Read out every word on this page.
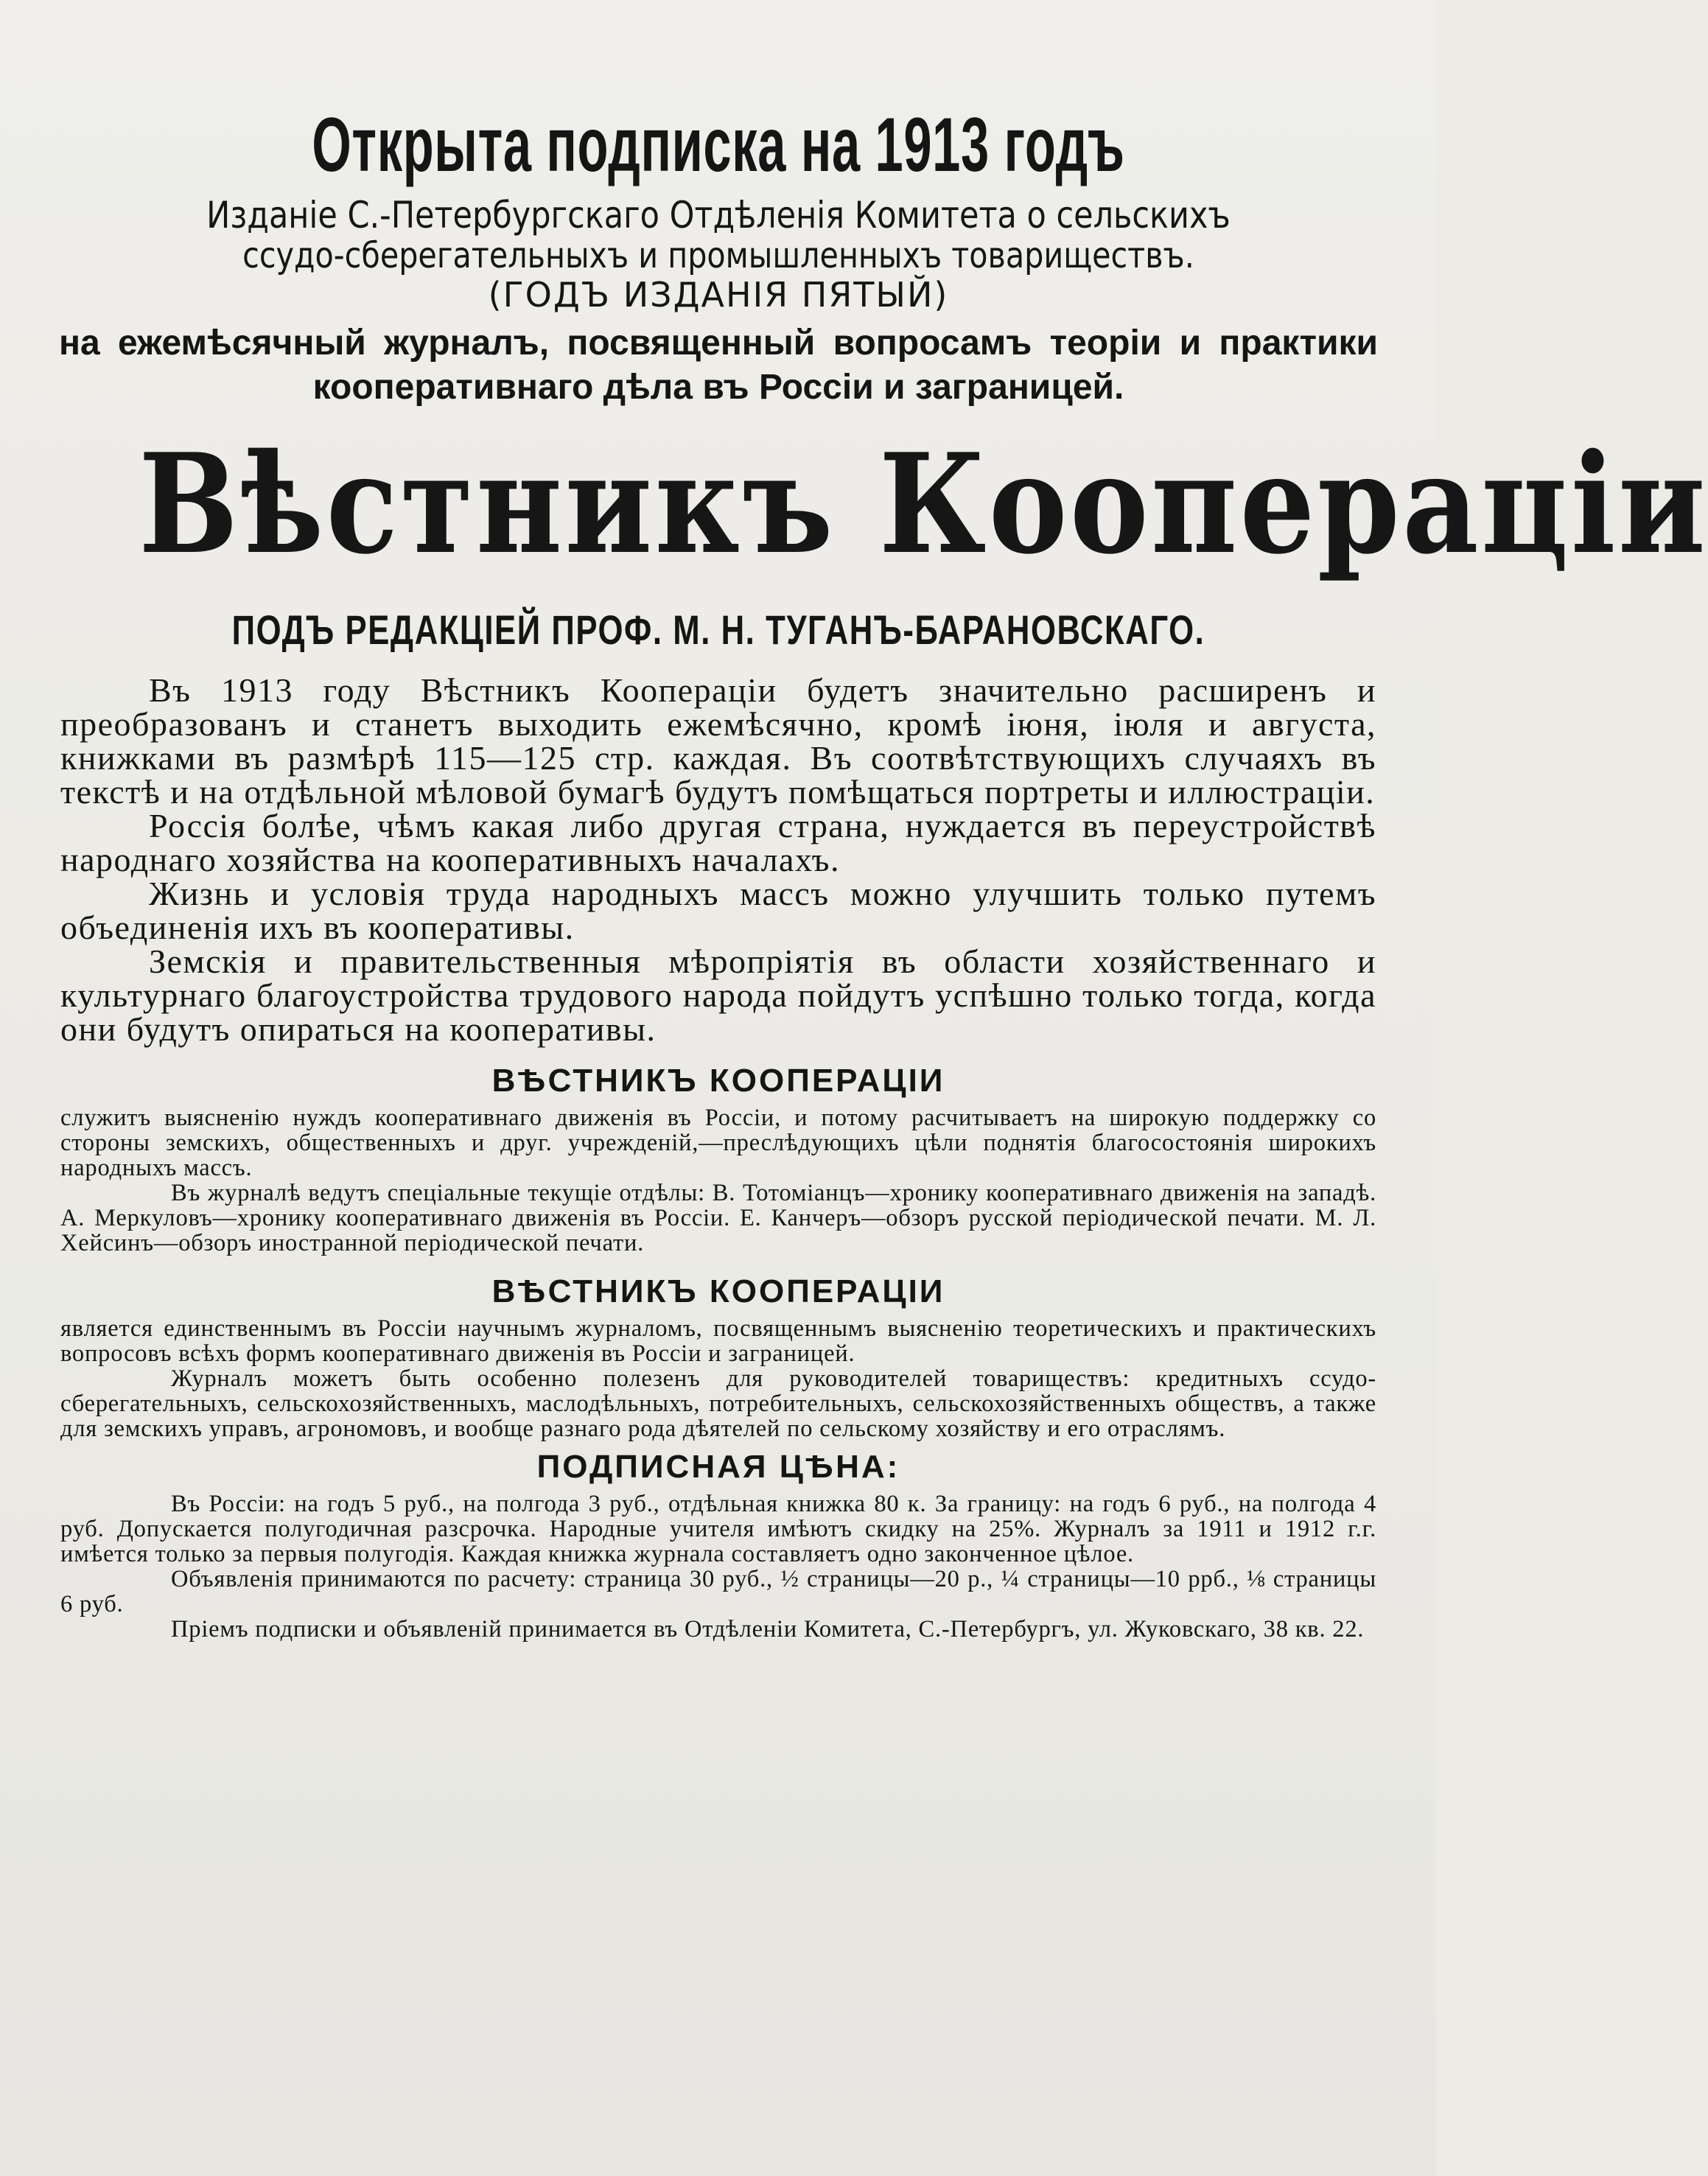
Открыта подписка на 1913 годъ
Изданіе С.-Петербургскаго Отдѣленія Комитета о сельскихъ
ссудо-сберегательныхъ и промышленныхъ товариществъ.
(ГОДЪ ИЗДАНІЯ ПЯТЫЙ)
на ежемѣсячный журналъ, посвященный вопросамъ теоріи и практики кооперативнаго дѣла въ Россіи и заграницей.
Вѣстникъ Коопераціи
ПОДЪ РЕДАКЦІЕЙ ПРОФ. М. Н. ТУГАНЪ-БАРАНОВСКАГО.

Въ 1913 году Вѣстникъ Коопераціи будетъ значительно расширенъ и преобразованъ и станетъ выходить ежемѣсячно, кромѣ іюня, іюля и августа, книжками въ размѣрѣ 115—125 стр. каждая. Въ соотвѣтствующихъ случаяхъ въ текстѣ и на отдѣльной мѣловой бумагѣ будутъ помѣщаться портреты и иллюстраціи.

Россія болѣе, чѣмъ какая либо другая страна, нуждается въ переустройствѣ народнаго хозяйства на кооперативныхъ началахъ.

Жизнь и условія труда народныхъ массъ можно улучшить только путемъ объединенія ихъ въ кооперативы.

Земскія и правительственныя мѣропріятія въ области хозяйственнаго и культурнаго благоустройства трудового народа пойдутъ успѣшно только тогда, когда они будутъ опираться на кооперативы.

ВѢСТНИКЪ КООПЕРАЦІИ

служитъ выясненію нуждъ кооперативнаго движенія въ Россіи, и потому расчитываетъ на широкую поддержку со стороны земскихъ, общественныхъ и друг. учрежденій,—преслѣдующихъ цѣли поднятія благосостоянія широкихъ народныхъ массъ.

Въ журналѣ ведутъ спеціальные текущіе отдѣлы: В. Тотоміанцъ—хронику кооперативнаго движенія на западѣ. А. Меркуловъ—хронику кооперативнаго движенія въ Россіи. Е. Канчеръ—обзоръ русской періодической печати. М. Л. Хейсинъ—обзоръ иностранной періодической печати.

ВѢСТНИКЪ КООПЕРАЦІИ

является единственнымъ въ Россіи научнымъ журналомъ, посвященнымъ выясненію теоретическихъ и практическихъ вопросовъ всѣхъ формъ кооперативнаго движенія въ Россіи и заграницей.

Журналъ можетъ быть особенно полезенъ для руководителей товариществъ: кредитныхъ ссудо-сберегательныхъ, сельскохозяйственныхъ, маслодѣльныхъ, потребительныхъ, сельскохозяйственныхъ обществъ, а также для земскихъ управъ, агрономовъ, и вообще разнаго рода дѣятелей по сельскому хозяйству и его отраслямъ.

ПОДПИСНАЯ ЦѢНА:

Въ Россіи: на годъ 5 руб., на полгода 3 руб., отдѣльная книжка 80 к. За границу: на годъ 6 руб., на полгода 4 руб. Допускается полугодичная разсрочка. Народные учителя имѣютъ скидку на 25%. Журналъ за 1911 и 1912 г.г. имѣется только за первыя полугодія. Каждая книжка журнала составляетъ одно законченное цѣлое.

Объявленія принимаются по расчету: страница 30 руб., ½ страницы—20 р., ¼ страницы—10 рpб., ⅛ страницы 6 руб.

Пріемъ подписки и объявленій принимается въ Отдѣленіи Комитета, С.-Петербургъ, ул. Жуковскаго, 38 кв. 22.
